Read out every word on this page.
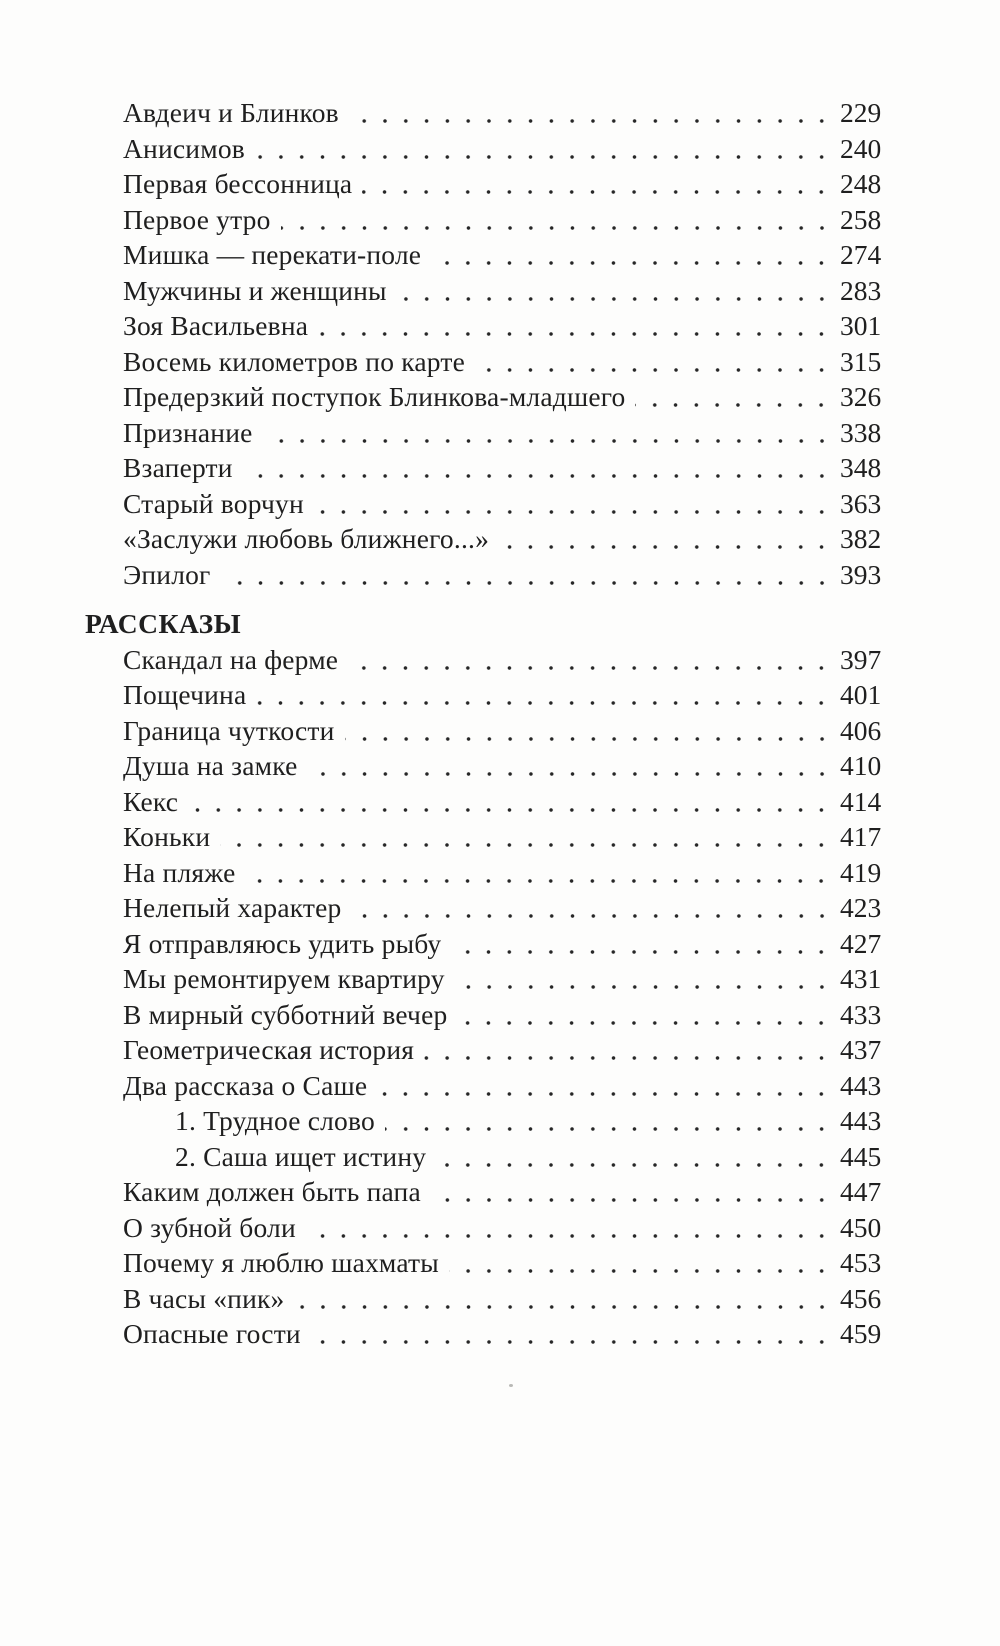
Авдеич и Блинков	229
Анисимов	240
Первая бессонница	248
Первое утро	258
Мишка — перекати-поле	274
Мужчины и женщины	283
Зоя Васильевна	301
Восемь километров по карте	315
Предерзкий поступок Блинкова-младшего	326
Признание	338
Взаперти	348
Старый ворчун	363
«Заслужи любовь ближнего...»	382
Эпилог	393
РАССКАЗЫ
Скандал на ферме	397
Пощечина	401
Граница чуткости	406
Душа на замке	410
Кекс	414
Коньки	417
На пляже	419
Нелепый характер	423
Я отправляюсь удить рыбу	427
Мы ремонтируем квартиру	431
В мирный субботний вечер	433
Геометрическая история	437
Два рассказа о Саше	443
1. Трудное слово	443
2. Саша ищет истину	445
Каким должен быть папа	447
О зубной боли	450
Почему я люблю шахматы	453
В часы «пик»	456
Опасные гости	459
